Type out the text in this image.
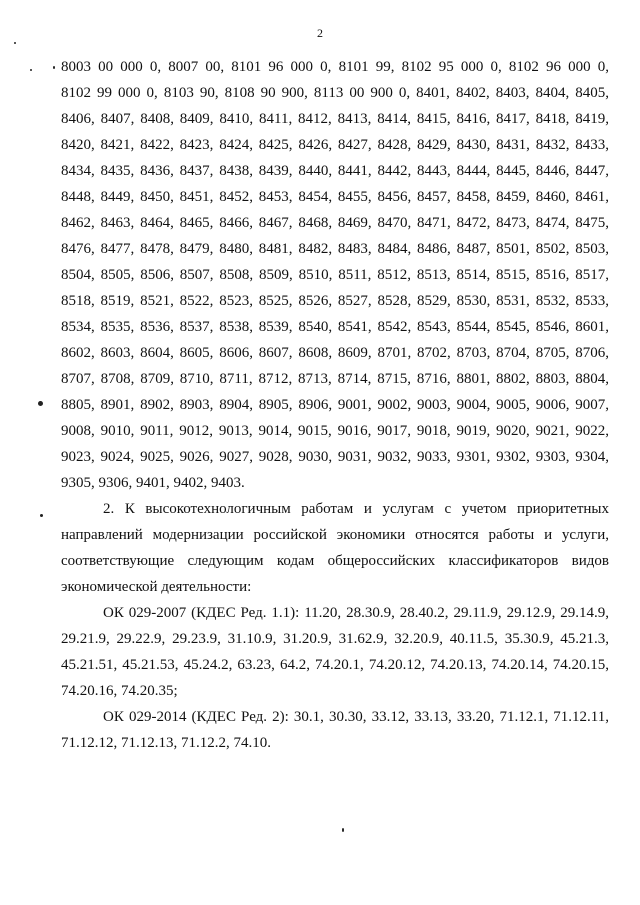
2
8003 00 000 0, 8007 00, 8101 96 000 0, 8101 99, 8102 95 000 0, 8102 96 000 0,
8102 99 000 0, 8103 90, 8108 90 900, 8113 00 900 0, 8401, 8402, 8403, 8404, 8405,
8406, 8407, 8408, 8409, 8410, 8411, 8412, 8413, 8414, 8415, 8416, 8417, 8418, 8419,
8420, 8421, 8422, 8423, 8424, 8425, 8426, 8427, 8428, 8429, 8430, 8431, 8432, 8433,
8434, 8435, 8436, 8437, 8438, 8439, 8440, 8441, 8442, 8443, 8444, 8445, 8446, 8447,
8448, 8449, 8450, 8451, 8452, 8453, 8454, 8455, 8456, 8457, 8458, 8459, 8460, 8461,
8462, 8463, 8464, 8465, 8466, 8467, 8468, 8469, 8470, 8471, 8472, 8473, 8474, 8475,
8476, 8477, 8478, 8479, 8480, 8481, 8482, 8483, 8484, 8486, 8487, 8501, 8502, 8503,
8504, 8505, 8506, 8507, 8508, 8509, 8510, 8511, 8512, 8513, 8514, 8515, 8516, 8517,
8518, 8519, 8521, 8522, 8523, 8525, 8526, 8527, 8528, 8529, 8530, 8531, 8532, 8533,
8534, 8535, 8536, 8537, 8538, 8539, 8540, 8541, 8542, 8543, 8544, 8545, 8546, 8601,
8602, 8603, 8604, 8605, 8606, 8607, 8608, 8609, 8701, 8702, 8703, 8704, 8705, 8706,
8707, 8708, 8709, 8710, 8711, 8712, 8713, 8714, 8715, 8716, 8801, 8802, 8803, 8804,
8805, 8901, 8902, 8903, 8904, 8905, 8906, 9001, 9002, 9003, 9004, 9005, 9006, 9007,
9008, 9010, 9011, 9012, 9013, 9014, 9015, 9016, 9017, 9018, 9019, 9020, 9021, 9022,
9023, 9024, 9025, 9026, 9027, 9028, 9030, 9031, 9032, 9033, 9301, 9302, 9303, 9304,
9305, 9306, 9401, 9402, 9403.
2. К высокотехнологичным работам и услугам с учетом приоритетных
направлений модернизации российской экономики относятся работы и услуги,
соответствующие следующим кодам общероссийских классификаторов видов
экономической деятельности:
ОК 029-2007 (КДЕС Ред. 1.1): 11.20, 28.30.9, 28.40.2, 29.11.9, 29.12.9, 29.14.9,
29.21.9, 29.22.9, 29.23.9, 31.10.9, 31.20.9, 31.62.9, 32.20.9, 40.11.5, 35.30.9, 45.21.3,
45.21.51, 45.21.53, 45.24.2, 63.23, 64.2, 74.20.1, 74.20.12, 74.20.13, 74.20.14, 74.20.15,
74.20.16, 74.20.35;
ОК 029-2014 (КДЕС Ред. 2): 30.1, 30.30, 33.12, 33.13, 33.20, 71.12.1, 71.12.11,
71.12.12, 71.12.13, 71.12.2, 74.10.
